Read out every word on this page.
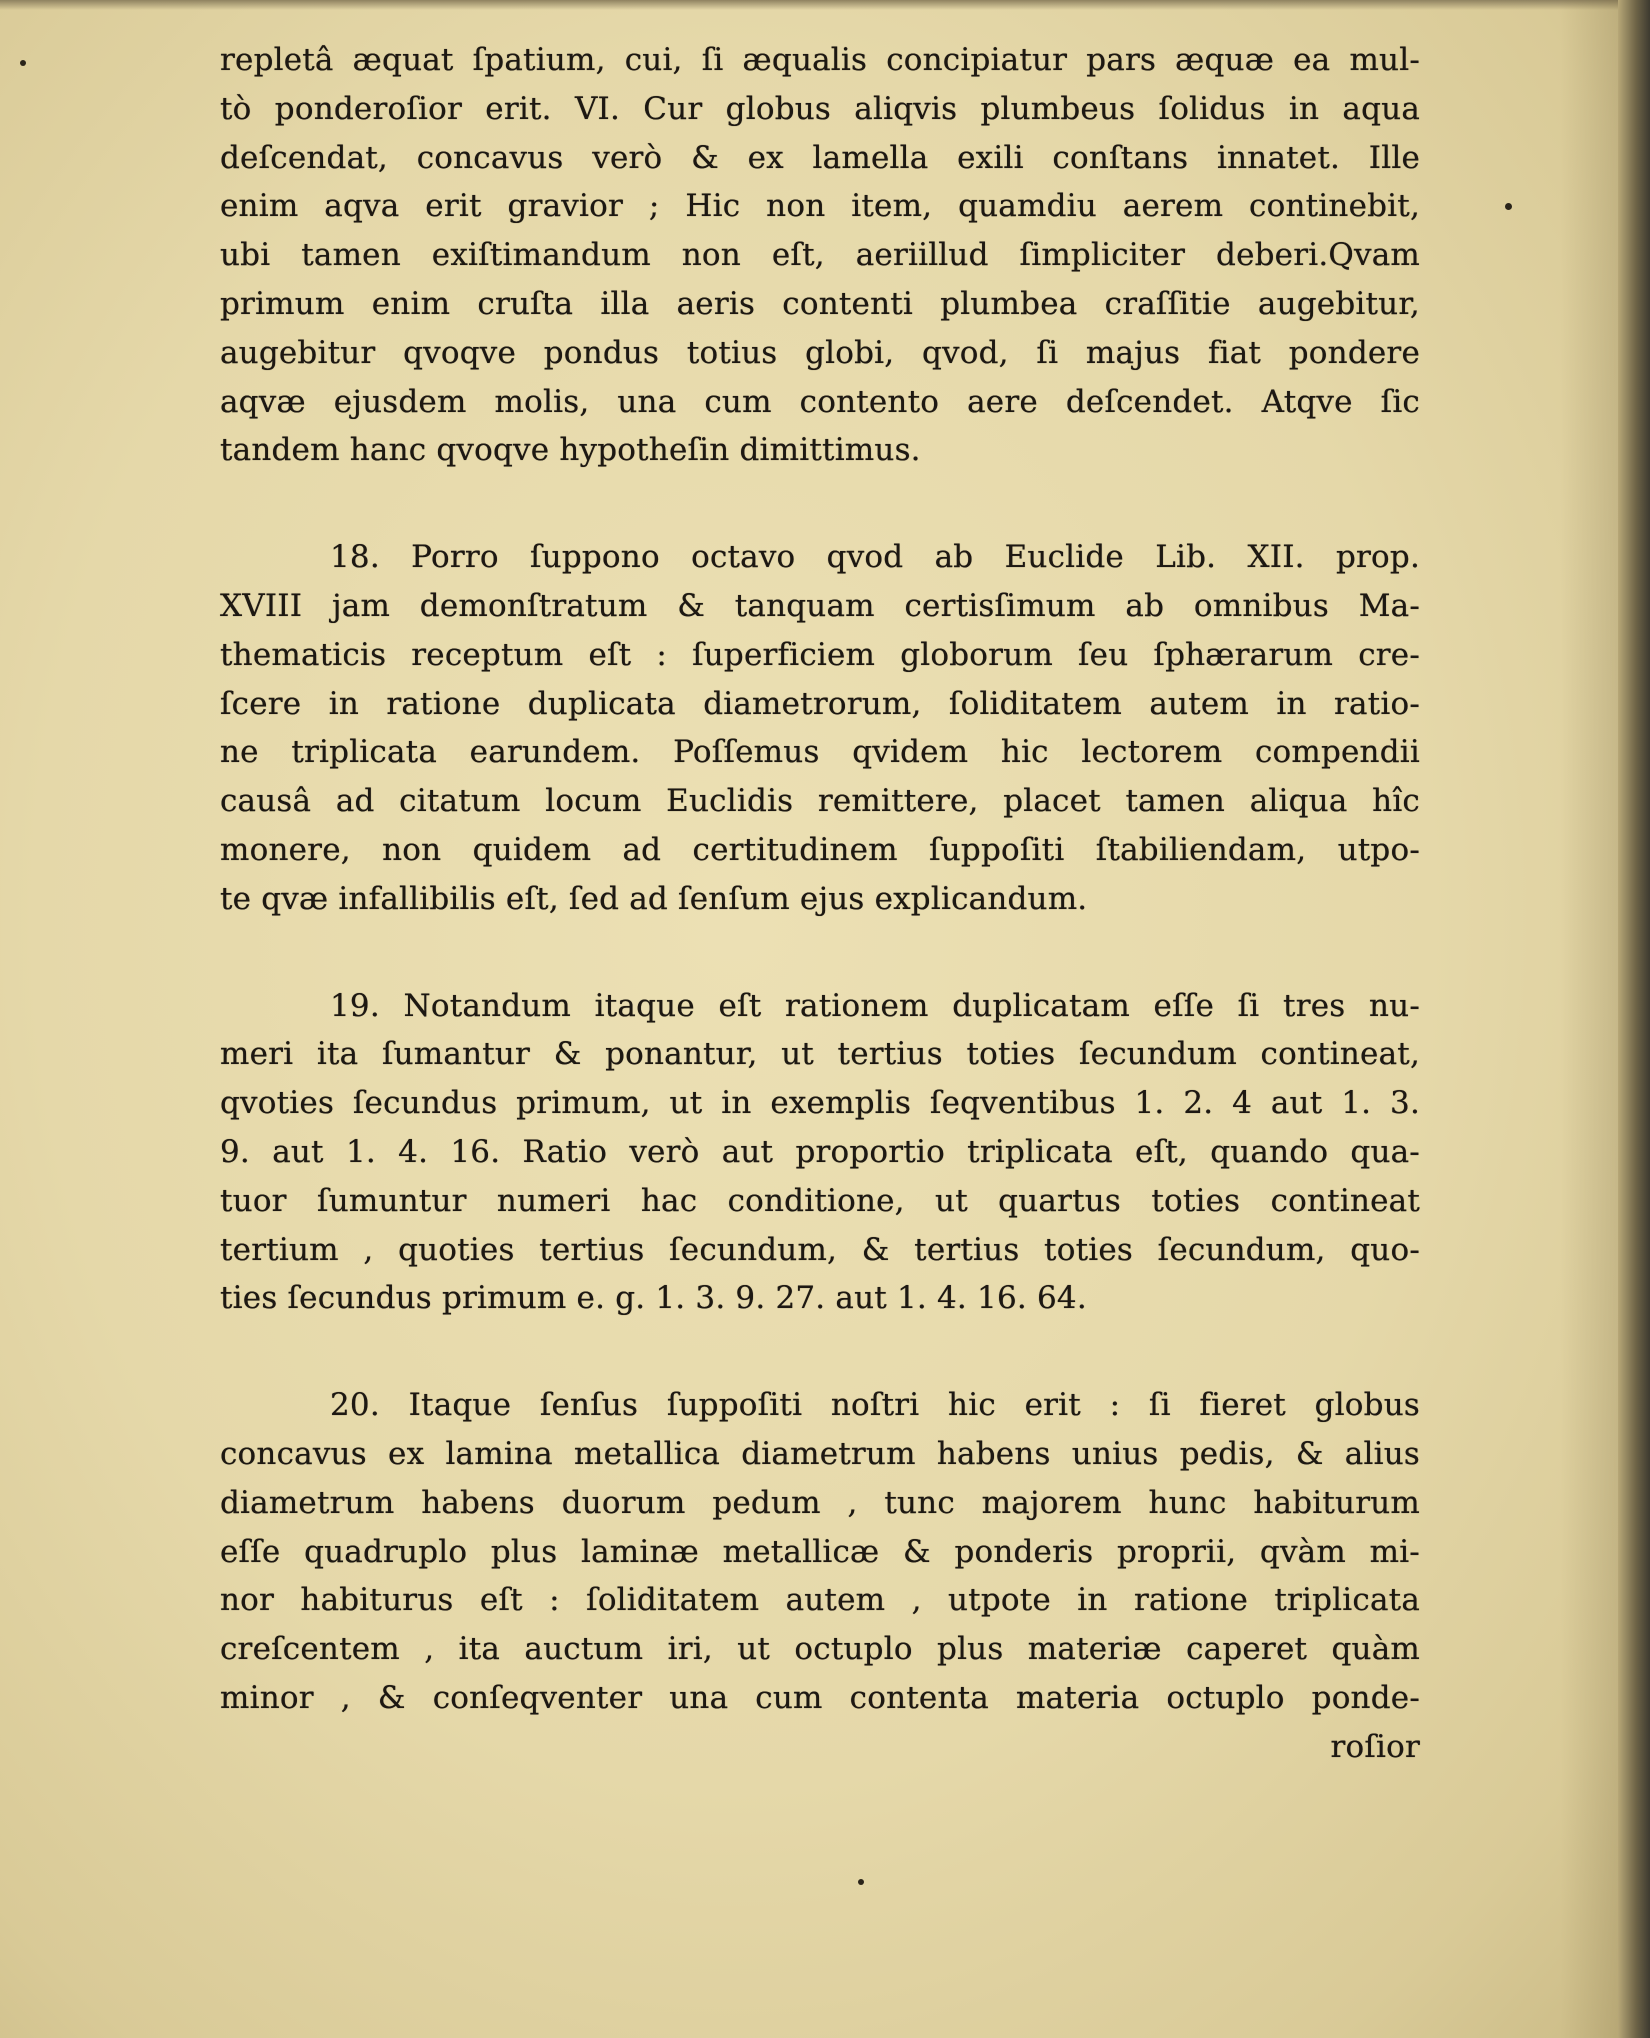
repletâ æquat ſpatium, cui, ſi æqualis concipiatur pars æquæ ea mul-
tò ponderoſior erit. VI. Cur globus aliqvis plumbeus ſolidus in aqua
deſcendat, concavus verò & ex lamella exili conſtans innatet. Ille
enim aqva erit gravior ; Hic non item, quamdiu aerem continebit,
ubi tamen exiſtimandum non eſt, aeriillud ſimpliciter deberi.Qvam
primum enim cruſta illa aeris contenti plumbea craſſitie augebitur,
augebitur qvoqve pondus totius globi, qvod, ſi majus fiat pondere
aqvæ ejusdem molis, una cum contento aere deſcendet. Atqve ſic
tandem hanc qvoqve hypotheſin dimittimus.
18. Porro ſuppono octavo qvod ab Euclide Lib. XII. prop.
XVIII jam demonſtratum & tanquam certisſimum ab omnibus Ma-
thematicis receptum eſt : ſuperficiem globorum ſeu ſphærarum cre-
ſcere in ratione duplicata diametrorum, ſoliditatem autem in ratio-
ne triplicata earundem. Poſſemus qvidem hic lectorem compendii
causâ ad citatum locum Euclidis remittere, placet tamen aliqua hîc
monere, non quidem ad certitudinem ſuppoſiti ſtabiliendam, utpo-
te qvæ infallibilis eſt, ſed ad ſenſum ejus explicandum.
19. Notandum itaque eſt rationem duplicatam eſſe ſi tres nu-
meri ita ſumantur & ponantur, ut tertius toties ſecundum contineat,
qvoties ſecundus primum, ut in exemplis ſeqventibus 1. 2. 4 aut 1. 3.
9. aut 1. 4. 16. Ratio verò aut proportio triplicata eſt, quando qua-
tuor ſumuntur numeri hac conditione, ut quartus toties contineat
tertium , quoties tertius ſecundum, & tertius toties ſecundum, quo-
ties ſecundus primum e. g. 1. 3. 9. 27. aut 1. 4. 16. 64.
20. Itaque ſenſus ſuppoſiti noſtri hic erit : ſi fieret globus
concavus ex lamina metallica diametrum habens unius pedis, & alius
diametrum habens duorum pedum , tunc majorem hunc habiturum
eſſe quadruplo plus laminæ metallicæ & ponderis proprii, qvàm mi-
nor habiturus eſt : ſoliditatem autem , utpote in ratione triplicata
creſcentem , ita auctum iri, ut octuplo plus materiæ caperet quàm
minor , & conſeqventer una cum contenta materia octuplo ponde-
roſior
